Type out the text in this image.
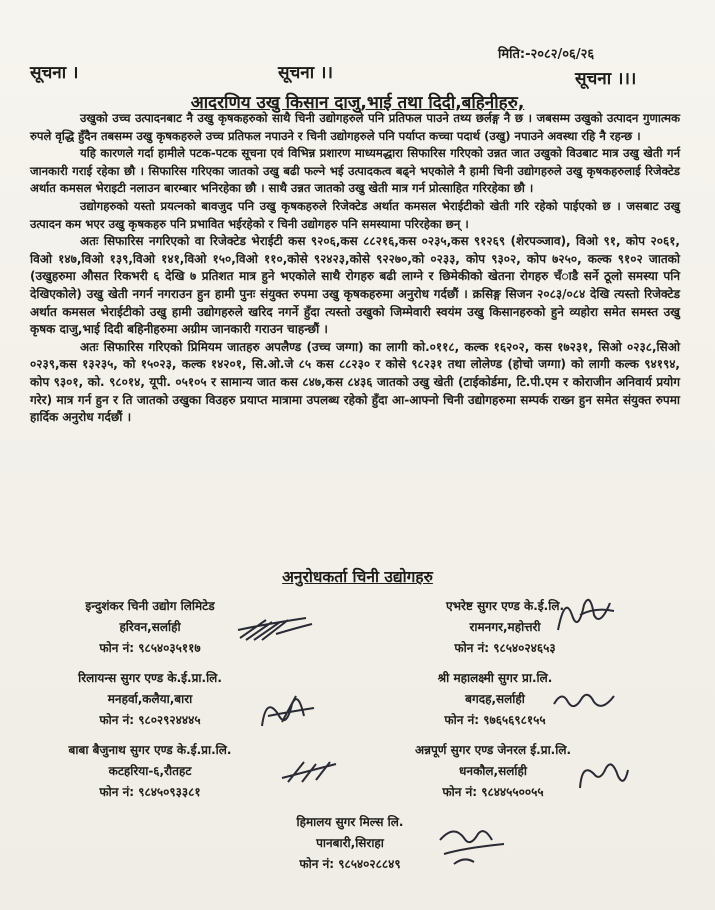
सूचना ।	सूचना ।।
मिति:-२०८२/०६/२६
सूचना ।।।
आदरणिय उखु किसान दाजु,भाई तथा दिदी,बहिनीहरु,

उखुको उच्च उत्पादनबाट नै उखु कृषकहरुको साथै चिनी उद्योगहरुले पनि प्रतिफल पाउने तथ्य छर्लङ्ग नै छ । जबसम्म उखुको उत्पादन गुणात्मक रुपले वृद्धि हुँदैन तबसम्म उखु कृषकहरुले उच्च प्रतिफल नपाउने र चिनी उद्योगहरुले पनि पर्याप्त कच्चा पदार्थ (उखु) नपाउने अवस्था रहि नै रहन्छ ।

यहि कारणले गर्दा हामीले पटक-पटक सूचना एवं विभिन्न प्रशारण माध्यमद्धारा सिफारिस गरिएको उन्नत जात उखुको विउबाट मात्र उखु खेती गर्न जानकारी गराई रहेका छौ । सिफारिस गरिएका जातको उखु बढी फल्ने भई उत्पादकत्व बढ्ने भएकोले नै हामी चिनी उद्योगहरुले उखु कृषकहरुलाई रिजेक्टेड अर्थात कमसल भेराइटी नलाउन बारम्बार भनिरहेका छौ । साथै उन्नत जातको उखु खेती मात्र गर्न प्रोत्साहित गरिरहेका छौ ।

उद्योगहरुको यस्तो प्रयत्नको बावजुद पनि उखु कृषकहरुले रिजेक्टेड अर्थात कमसल भेराईटीको खेती गरि रहेको पाईएको छ । जसबाट उखु उत्पादन कम भएर उखु कृषकहरु पनि प्रभावित भईरहेको र चिनी उद्योगहरु पनि समस्यामा परिरहेका छन् ।

अतः सिफारिस नगरिएको वा रिजेक्टेड भेराईटी कस ९२०६,कस ८८२१६,कस ०२३५,कस ९१२६९ (शेरपञ्जाव), विओ ९१, कोप २०६१, विओ १४७,विओ १३९,विओ १४१,विओ १५०,विओ ११०,कोसे ९२४२३,कोसे ९२२७०,को ०२३३, कोप ९३०२, कोप ७२५०, कल्क ९१०२ जातको (उखुहरुमा औसत रिकभरी ६ देखि ७ प्रतिशत मात्र हुने भएकोले साथै रोगहरु बढी लाग्ने र छिमेकीको खेतना रोगहरु चँाडै सर्ने ठूलो समस्या पनि देखिएकोले) उखु खेती नगर्न नगराउन हुन हामी पुनः संयुक्त रुपमा उखु कृषकहरुमा अनुरोध गर्दछौं । क्रसिङ्ग सिजन २०८३/०८४ देखि त्यस्तो रिजेक्टेड अर्थात कमसल भेराईटीको उखु हामी उद्योगहरुले खरिद नगर्ने हुँदा त्यस्तो उखुको जिम्मेवारी स्वयंम उखु किसानहरुको हुने व्यहोरा समेत समस्त उखु कृषक दाजु,भाई दिदी बहिनीहरुमा अग्रीम जानकारी गराउन चाहन्छौं ।

अतः सिफारिस गरिएको प्रिमियम जातहरु अपलैण्ड (उच्च जग्गा) का लागी को.०११८, कल्क १६२०२, कस १७२३१, सिओ ०२३८,सिओ ०२३९,कस १३२३५, को १५०२३, कल्क १४२०१, सि.ओ.जे ८५ कस ८८२३० र कोसे ९८२३१ तथा लोलेण्ड (होचो जग्गा) को लागी कल्क ९४१९४, कोप ९३०१, को. ९८०१४, यूपी. ०५१०५ र सामान्य जात कस ८४७,कस ८४३६ जातको उखु खेती (टाईकोर्डमा, टि.पी.एम र कोराजीन अनिवार्य प्रयोग गरेर) मात्र गर्न हुन र ति जातको उखुका विउहरु प्रयाप्त मात्रामा उपलब्ध रहेको हुँदा आ-आफ्नो चिनी उद्योगहरुमा सम्पर्क राख्न हुन समेत संयुक्त रुपमा हार्दिक अनुरोध गर्दछौं ।

अनुरोधकर्ता चिनी उद्योगहरु
इन्दुशंकर चिनी उद्योग लिमिटेड
हरिवन,सर्लाही
फोन नं: ९८५४०३५११७
एभरेष्ट सुगर एण्ड के.ई.लि.
रामनगर,महोत्तरी
फोन नं: ९८५४०२४६५३
रिलायन्स सुगर एण्ड के.ई.प्रा.लि.
मनहर्वा,कलैया,बारा
फोन नं: ९८०२९२४४४५
श्री महालक्ष्मी सुगर प्रा.लि.
बगदह,सर्लाही
फोन नं: ९७६५६९८१५५
बाबा बैजुनाथ सुगर एण्ड के.ई.प्रा.लि.
कटहरिया-६,रौतहट
फोन नं: ९८४५०९३३८१
अन्नपूर्ण सुगर एण्ड जेनरल ई.प्रा.लि.
धनकौल,सर्लाही
फोन नं: ९८४४५५००५५
हिमालय सुगर मिल्स लि.
पानबारी,सिराहा
फोन नं: ९८५४०२८८४९
